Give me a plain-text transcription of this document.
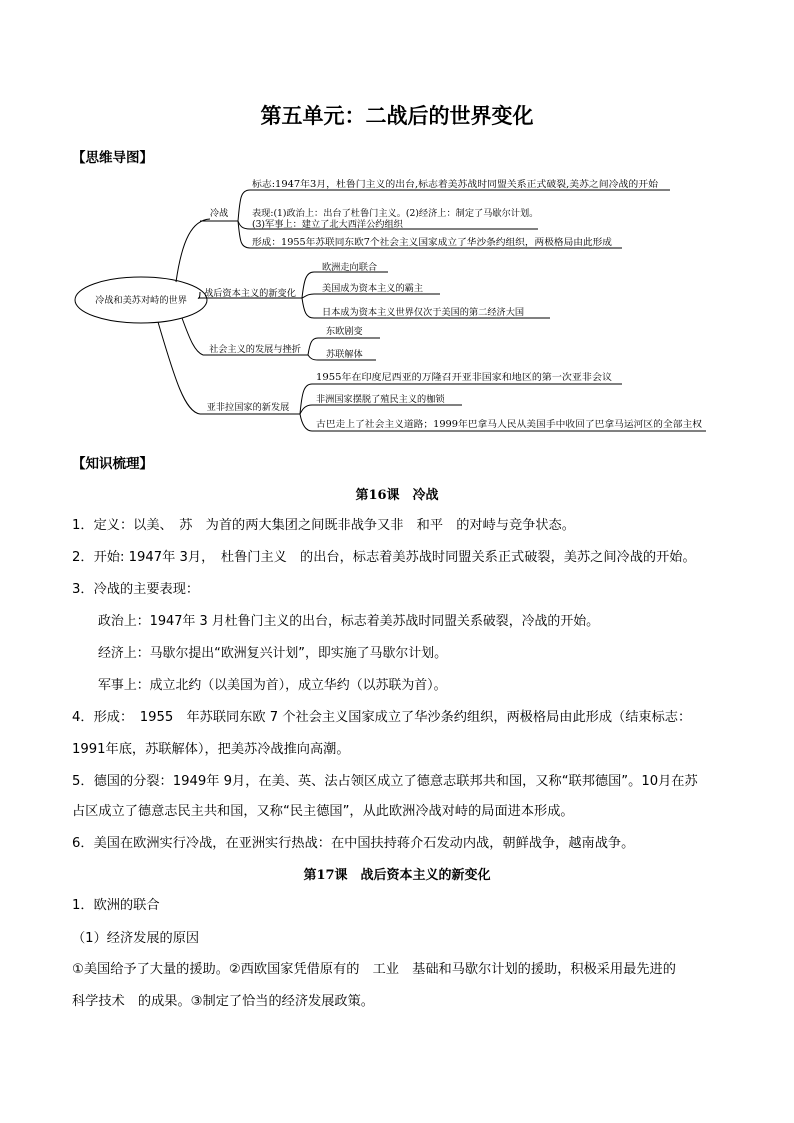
第五单元：二战后的世界变化
【思维导图】
冷战和美苏对峙的世界
冷战
标志:1947年3月，杜鲁门主义的出台,标志着美苏战时同盟关系正式破裂,美苏之间冷战的开始
表现:(1)政治上：出台了杜鲁门主义。(2)经济上：制定了马歇尔计划。
(3)军事上：建立了北大西洋公约组织
形成：1955年苏联同东欧7个社会主义国家成立了华沙条约组织，两极格局由此形成
战后资本主义的新变化
欧洲走向联合
美国成为资本主义的霸主
日本成为资本主义世界仅次于美国的第二经济大国
社会主义的发展与挫折
东欧剧变
苏联解体
亚非拉国家的新发展
1955年在印度尼西亚的万隆召开亚非国家和地区的第一次亚非会议
非洲国家摆脱了殖民主义的枷锁
古巴走上了社会主义道路；1999年巴拿马人民从美国手中收回了巴拿马运河区的全部主权
【知识梳理】
第16课　冷战
1．定义：以美、　苏　为首的两大集团之间既非战争又非　和平　的对峙与竞争状态。
2．开始: 1947年 3月，　杜鲁门主义　的出台，标志着美苏战时同盟关系正式破裂，美苏之间冷战的开始。
3．冷战的主要表现：
政治上：1947年 3 月杜鲁门主义的出台，标志着美苏战时同盟关系破裂，冷战的开始。
经济上：马歇尔提出“欧洲复兴计划”，即实施了马歇尔计划。
军事上：成立北约（以美国为首），成立华约（以苏联为首）。
4．形成：　1955　年苏联同东欧 7 个社会主义国家成立了华沙条约组织，两极格局由此形成（结束标志：
1991年底，苏联解体），把美苏冷战推向高潮。
5．德国的分裂：1949年 9月，在美、英、法占领区成立了德意志联邦共和国，又称“联邦德国”。10月在苏
占区成立了德意志民主共和国，又称“民主德国”，从此欧洲冷战对峙的局面进本形成。
6．美国在欧洲实行冷战，在亚洲实行热战：在中国扶持蒋介石发动内战，朝鲜战争，越南战争。
第17课　战后资本主义的新变化
1．欧洲的联合
（1）经济发展的原因
①美国给予了大量的援助。②西欧国家凭借原有的　工业　基础和马歇尔计划的援助，积极采用最先进的
科学技术　的成果。③制定了恰当的经济发展政策。
